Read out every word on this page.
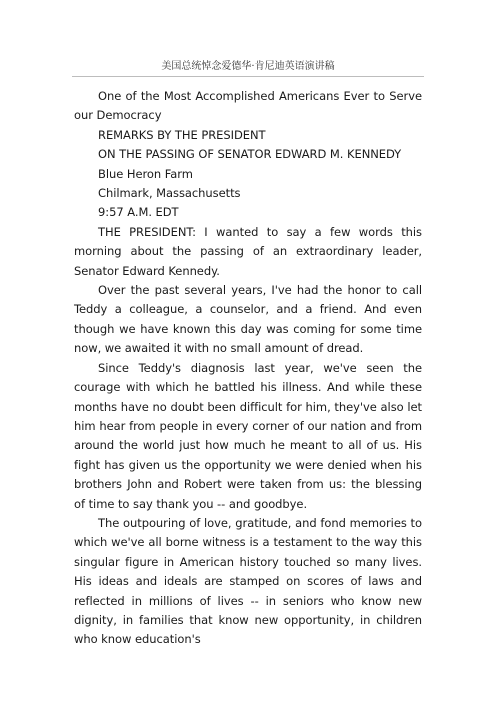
美国总统悼念爱德华·肯尼迪英语演讲稿

One of the Most Accomplished Americans Ever to Serve our Democracy

REMARKS BY THE PRESIDENT

ON THE PASSING OF SENATOR EDWARD M. KENNEDY

Blue Heron Farm

Chilmark, Massachusetts

9:57 A.M. EDT

THE PRESIDENT: I wanted to say a few words this morning about the passing of an extraordinary leader, Senator Edward Kennedy.

Over the past several years, I've had the honor to call Teddy a colleague, a counselor, and a friend. And even though we have known this day was coming for some time now, we awaited it with no small amount of dread.

Since Teddy's diagnosis last year, we've seen the courage with which he battled his illness. And while these months have no doubt been difficult for him, they've also let him hear from people in every corner of our nation and from around the world just how much he meant to all of us. His fight has given us the opportunity we were denied when his brothers John and Robert were taken from us: the blessing of time to say thank you -- and goodbye.

The outpouring of love, gratitude, and fond memories to which we've all borne witness is a testament to the way this singular figure in American history touched so many lives. His ideas and ideals are stamped on scores of laws and reflected in millions of lives -- in seniors who know new dignity, in families that know new opportunity, in children who know education's
